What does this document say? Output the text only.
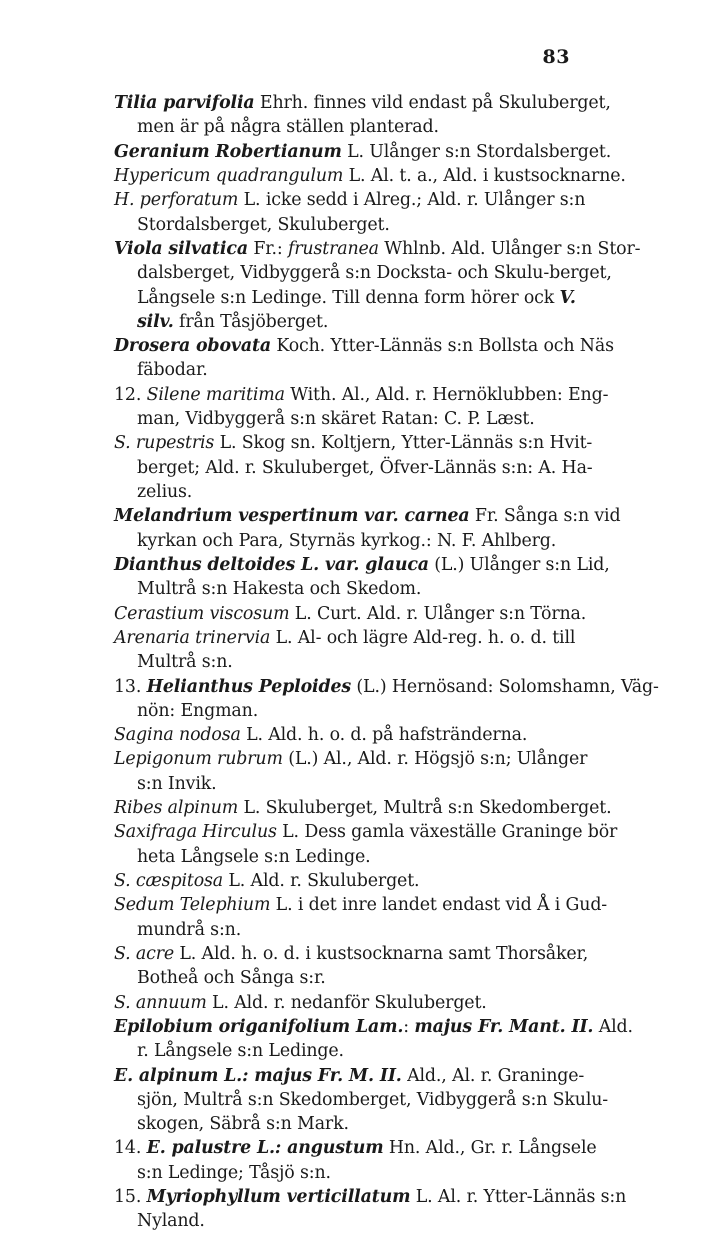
83
Tilia parvifolia Ehrh. finnes vild endast på Skuluberget,
men är på några ställen planterad.
Geranium Robertianum L. Ulånger s:n Stordalsberget.
Hypericum quadrangulum L. Al. t. a., Ald. i kustsocknarne.
H. perforatum L. icke sedd i Alreg.; Ald. r. Ulånger s:n
Stordalsberget, Skuluberget.
Viola silvatica Fr.: frustranea Whlnb. Ald. Ulånger s:n Stor-
dalsberget, Vidbyggerå s:n Docksta- och Skulu-berget,
Långsele s:n Ledinge. Till denna form hörer ock V.
silv. från Tåsjöberget.
Drosera obovata Koch. Ytter-Lännäs s:n Bollsta och Näs
fäbodar.
12. Silene maritima With. Al., Ald. r. Hernöklubben: Eng-
man, Vidbyggerå s:n skäret Ratan: C. P. Læst.
S. rupestris L. Skog sn. Koltjern, Ytter-Lännäs s:n Hvit-
berget; Ald. r. Skuluberget, Öfver-Lännäs s:n: A. Ha-
zelius.
Melandrium vespertinum var. carnea Fr. Sånga s:n vid
kyrkan och Para, Styrnäs kyrkog.: N. F. Ahlberg.
Dianthus deltoides L. var. glauca (L.) Ulånger s:n Lid,
Multrå s:n Hakesta och Skedom.
Cerastium viscosum L. Curt. Ald. r. Ulånger s:n Törna.
Arenaria trinervia L. Al- och lägre Ald-reg. h. o. d. till
Multrå s:n.
13. Helianthus Peploides (L.) Hernösand: Solomshamn, Väg-
nön: Engman.
Sagina nodosa L. Ald. h. o. d. på hafstränderna.
Lepigonum rubrum (L.) Al., Ald. r. Högsjö s:n; Ulånger
s:n Invik.
Ribes alpinum L. Skuluberget, Multrå s:n Skedomberget.
Saxifraga Hirculus L. Dess gamla växeställe Graninge bör
heta Långsele s:n Ledinge.
S. cæspitosa L. Ald. r. Skuluberget.
Sedum Telephium L. i det inre landet endast vid Å i Gud-
mundrå s:n.
S. acre L. Ald. h. o. d. i kustsocknarna samt Thorsåker,
Botheå och Sånga s:r.
S. annuum L. Ald. r. nedanför Skuluberget.
Epilobium origanifolium Lam.: majus Fr. Mant. II. Ald.
r. Långsele s:n Ledinge.
E. alpinum L.: majus Fr. M. II. Ald., Al. r. Graninge-
sjön, Multrå s:n Skedomberget, Vidbyggerå s:n Skulu-
skogen, Säbrå s:n Mark.
14. E. palustre L.: angustum Hn. Ald., Gr. r. Långsele
s:n Ledinge; Tåsjö s:n.
15. Myriophyllum verticillatum L. Al. r. Ytter-Lännäs s:n
Nyland.
